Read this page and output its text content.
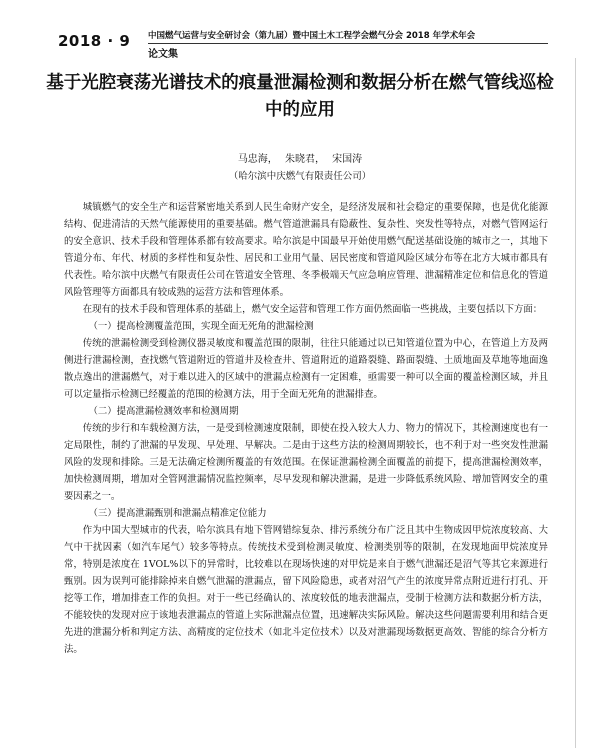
2018 · 9 中国燃气运营与安全研讨会（第九届）暨中国土木工程学会燃气分会 2018 年学术年会
论文集
基于光腔衰荡光谱技术的痕量泄漏检测和数据分析在燃气管线巡检中的应用
马忠海， 朱晓君， 宋国涛
（哈尔滨中庆燃气有限责任公司）

城镇燃气的安全生产和运营紧密地关系到人民生命财产安全，是经济发展和社会稳定的重要保障，也是优化能源结构、促进清洁的天然气能源使用的重要基础。燃气管道泄漏具有隐蔽性、复杂性、突发性等特点，对燃气管网运行的安全意识、技术手段和管理体系都有较高要求。哈尔滨是中国最早开始使用燃气配送基础设施的城市之一，其地下管道分布、年代、材质的多样性和复杂性、居民和工业用气量、居民密度和管道风险区域分布等在北方大城市都具有代表性。哈尔滨中庆燃气有限责任公司在管道安全管理、冬季极端天气应急响应管理、泄漏精准定位和信息化的管道风险管理等方面都具有较成熟的运营方法和管理体系。

在现有的技术手段和管理体系的基础上，燃气安全运营和管理工作方面仍然面临一些挑战，主要包括以下方面：

（一）提高检测覆盖范围，实现全面无死角的泄漏检测

传统的泄漏检测受到检测仪器灵敏度和覆盖范围的限制，往往只能通过以已知管道位置为中心，在管道上方及两侧进行泄漏检测，查找燃气管道附近的管道井及检查井、管道附近的道路裂缝、路面裂缝、土质地面及草地等地面逸散点逸出的泄漏燃气，对于难以进入的区域中的泄漏点检测有一定困难，亟需要一种可以全面的覆盖检测区域，并且可以定量指示检测已经覆盖的范围的检测方法，用于全面无死角的泄漏排查。

（二）提高泄漏检测效率和检测周期

传统的步行和车载检测方法，一是受到检测速度限制，即使在投入较大人力、物力的情况下，其检测速度也有一定局限性，制约了泄漏的早发现、早处理、早解决。二是由于这些方法的检测周期较长，也不利于对一些突发性泄漏风险的发现和排除。三是无法确定检测所覆盖的有效范围。在保证泄漏检测全面覆盖的前提下，提高泄漏检测效率，加快检测周期，增加对全管网泄漏情况监控频率，尽早发现和解决泄漏，是进一步降低系统风险、增加管网安全的重要因素之一。

（三）提高泄漏甄别和泄漏点精准定位能力

作为中国大型城市的代表，哈尔滨具有地下管网错综复杂、排污系统分布广泛且其中生物成因甲烷浓度较高、大气中干扰因素（如汽车尾气）较多等特点。传统技术受到检测灵敏度、检测类别等的限制，在发现地面甲烷浓度异常，特别是浓度在 1VOL%以下的异常时，比较难以在现场快速的对甲烷是来自于燃气泄漏还是沼气等其它来源进行甄别。因为误判可能排除掉来自燃气泄漏的泄漏点，留下风险隐患，或者对沼气产生的浓度异常点附近进行打孔、开挖等工作，增加排查工作的负担。对于一些已经确认的、浓度较低的地表泄漏点，受制于检测方法和数据分析方法，不能较快的发现对应于该地表泄漏点的管道上实际泄漏点位置，迅速解决实际风险。解决这些问题需要利用和结合更先进的泄漏分析和判定方法、高精度的定位技术（如北斗定位技术）以及对泄漏现场数据更高效、智能的综合分析方法。
